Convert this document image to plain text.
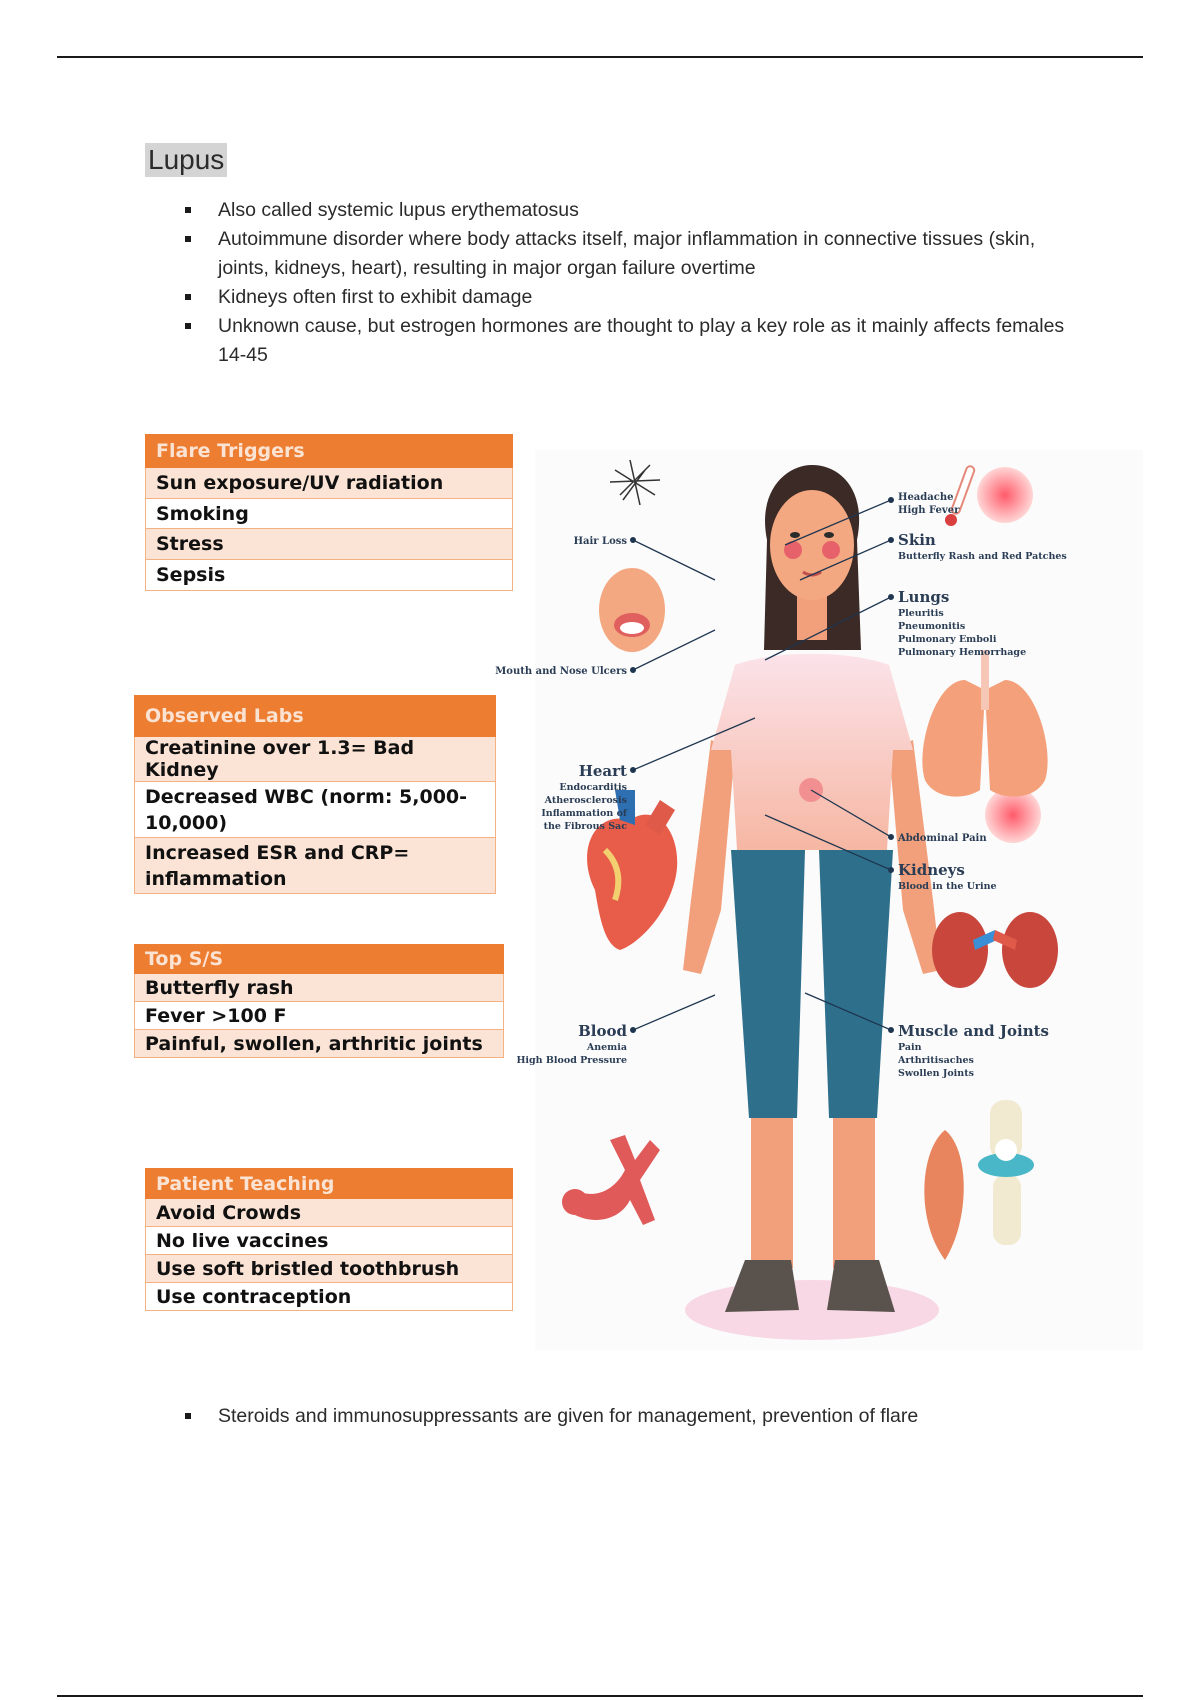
Lupus
Also called systemic lupus erythematosus
Autoimmune disorder where body attacks itself, major inflammation in connective tissues (skin, joints, kidneys, heart), resulting in major organ failure overtime
Kidneys often first to exhibit damage
Unknown cause, but estrogen hormones are thought to play a key role as it mainly affects females 14-45
Flare Triggers
Sun exposure/UV radiation
Smoking
Stress
Sepsis
Observed Labs
Creatinine over 1.3= Bad Kidney
Decreased WBC (norm: 5,000-10,000)
Increased ESR and CRP= inflammation
Top S/S
Butterfly rash
Fever >100 F
Painful, swollen, arthritic joints
Patient Teaching
Avoid Crowds
No live vaccines
Use soft bristled toothbrush
Use contraception
Hair Loss
Mouth and Nose Ulcers
Heart
Endocarditis
Atherosclerosis
Inflammation of
the Fibrous Sac
Blood
Anemia
High Blood Pressure
Headache
High Fever
Skin
Butterfly Rash and Red Patches
Lungs
Pleuritis
Pneumonitis
Pulmonary Emboli
Pulmonary Hemorrhage
Abdominal Pain
Kidneys
Blood in the Urine
Muscle and Joints
Pain
Arthritisaches
Swollen Joints
Steroids and immunosuppressants are given for management, prevention of flare
